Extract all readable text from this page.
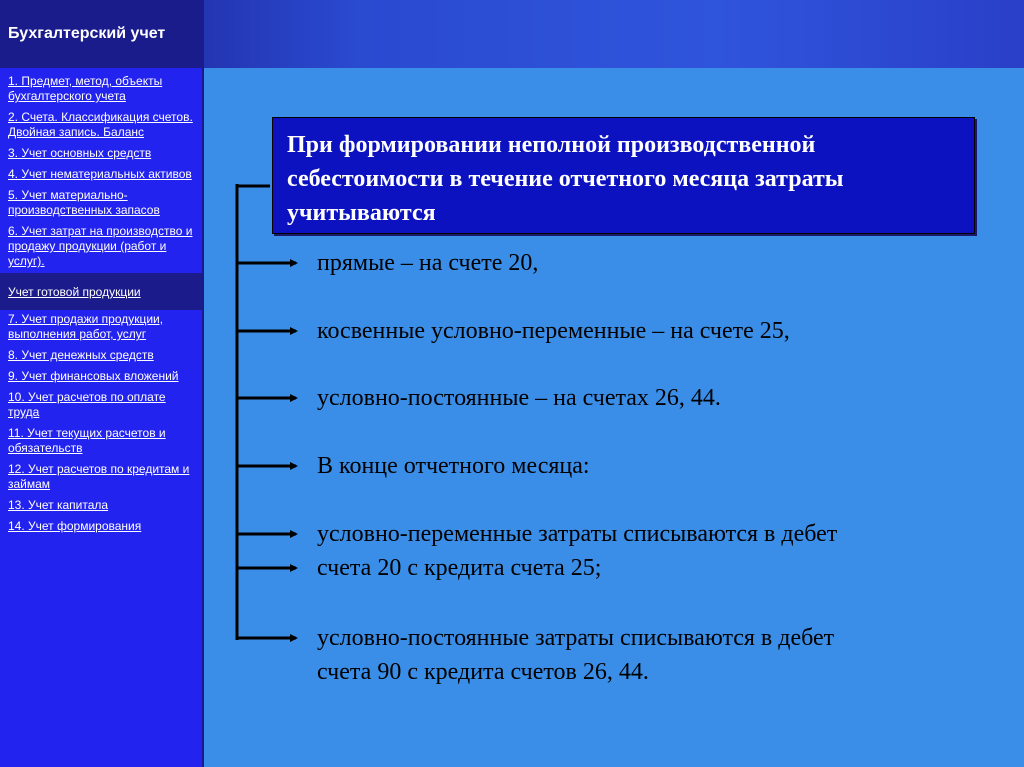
Бухгалтерский учет
1. Предмет, метод, объекты бухгалтерского учета
2. Счета. Классификация счетов. Двойная запись. Баланс
3. Учет основных средств
4. Учет нематериальных активов
5. Учет материально-производственных запасов
6. Учет затрат на производство и продажу продукции (работ и услуг).
Учет готовой продукции
7. Учет продажи продукции, выполнения работ, услуг
8. Учет денежных средств
9. Учет финансовых вложений
10. Учет расчетов по оплате труда
11. Учет текущих расчетов и обязательств
12. Учет расчетов по кредитам и займам
13. Учет капитала
14. Учет формирования
При формировании неполной производственной себестоимости в течение отчетного месяца затраты учитываются
прямые – на счете 20,
косвенные условно-переменные – на счете 25,
условно-постоянные – на счетах 26, 44.
В конце отчетного месяца:
условно-переменные затраты списываются в дебет
счета 20 с кредита счета 25;
условно-постоянные затраты списываются в дебет
счета 90 с кредита счетов 26, 44.
